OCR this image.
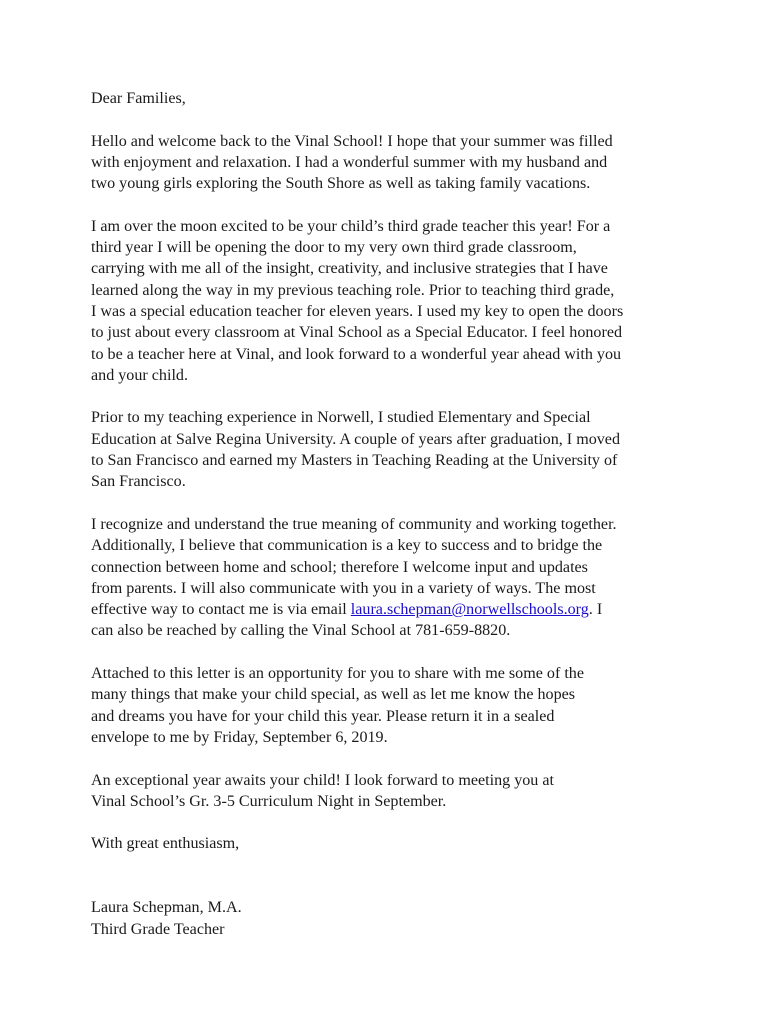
Dear Families,
Hello and welcome back to the Vinal School! I hope that your summer was filled
with enjoyment and relaxation. I had a wonderful summer with my husband and
two young girls exploring the South Shore as well as taking family vacations.
I am over the moon excited to be your child’s third grade teacher this year! For a
third year I will be opening the door to my very own third grade classroom,
carrying with me all of the insight, creativity, and inclusive strategies that I have
learned along the way in my previous teaching role. Prior to teaching third grade,
I was a special education teacher for eleven years. I used my key to open the doors
to just about every classroom at Vinal School as a Special Educator. I feel honored
to be a teacher here at Vinal, and look forward to a wonderful year ahead with you
and your child.
Prior to my teaching experience in Norwell, I studied Elementary and Special
Education at Salve Regina University. A couple of years after graduation, I moved
to San Francisco and earned my Masters in Teaching Reading at the University of
San Francisco.
I recognize and understand the true meaning of community and working together.
Additionally, I believe that communication is a key to success and to bridge the
connection between home and school; therefore I welcome input and updates
from parents. I will also communicate with you in a variety of ways. The most
effective way to contact me is via email laura.schepman@norwellschools.org. I
can also be reached by calling the Vinal School at 781-659-8820.
Attached to this letter is an opportunity for you to share with me some of the
many things that make your child special, as well as let me know the hopes
and dreams you have for your child this year. Please return it in a sealed
envelope to me by Friday, September 6, 2019.
An exceptional year awaits your child! I look forward to meeting you at
Vinal School’s Gr. 3-5 Curriculum Night in September.
With great enthusiasm,
Laura Schepman, M.A.
Third Grade Teacher
